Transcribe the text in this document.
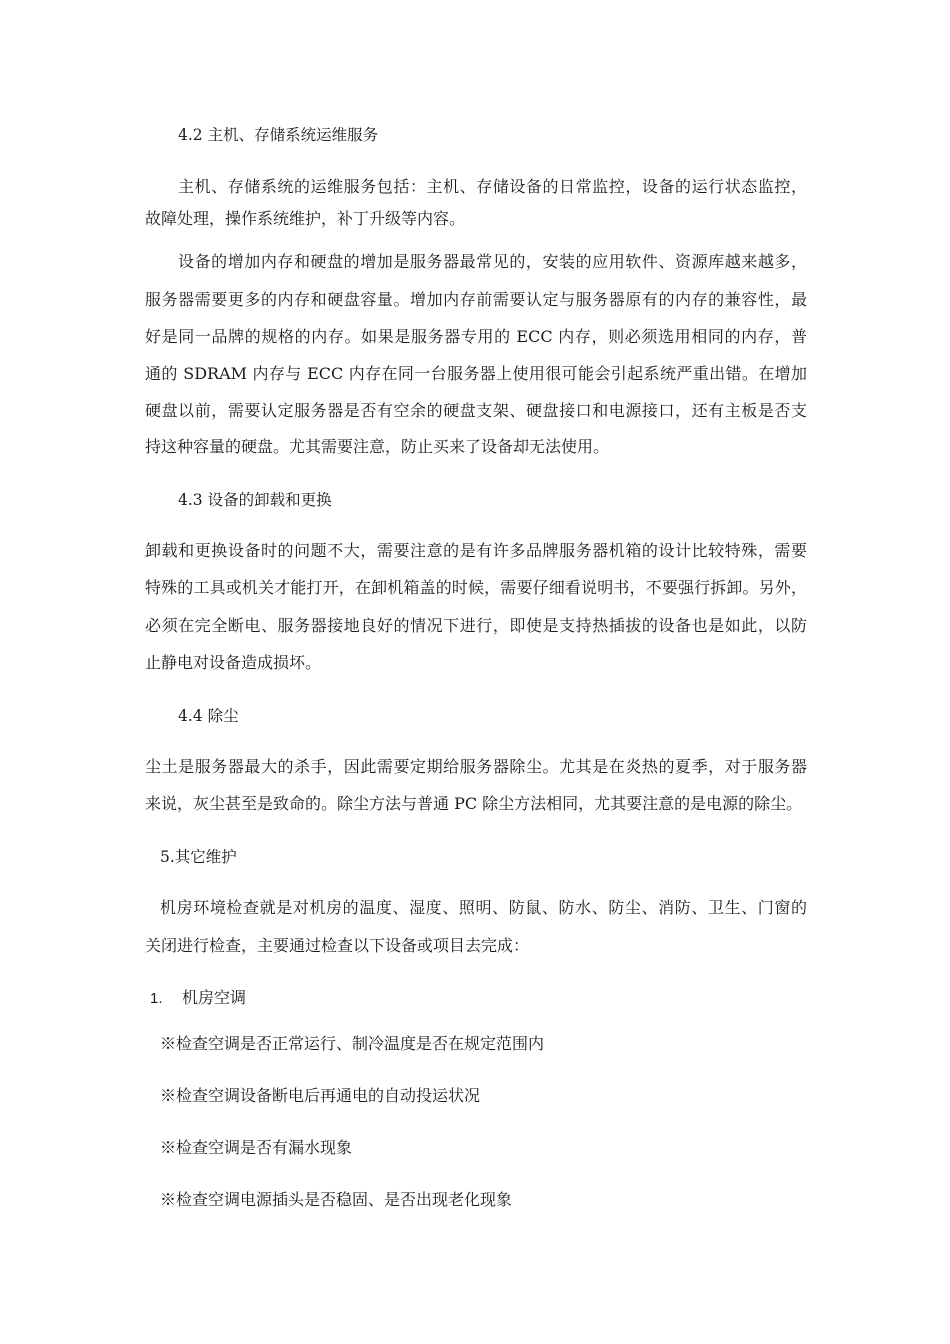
4.2 主机、存储系统运维服务
主机、存储系统的运维服务包括：主机、存储设备的日常监控，设备的运行状态监控，
故障处理，操作系统维护，补丁升级等内容。
设备的增加内存和硬盘的增加是服务器最常见的，安装的应用软件、资源库越来越多，
服务器需要更多的内存和硬盘容量。增加内存前需要认定与服务器原有的内存的兼容性，最
好是同一品牌的规格的内存。如果是服务器专用的 ECC 内存，则必须选用相同的内存，普
通的 SDRAM 内存与 ECC 内存在同一台服务器上使用很可能会引起系统严重出错。在增加
硬盘以前，需要认定服务器是否有空余的硬盘支架、硬盘接口和电源接口，还有主板是否支
持这种容量的硬盘。尤其需要注意，防止买来了设备却无法使用。
4.3 设备的卸载和更换
卸载和更换设备时的问题不大，需要注意的是有许多品牌服务器机箱的设计比较特殊，需要
特殊的工具或机关才能打开，在卸机箱盖的时候，需要仔细看说明书，不要强行拆卸。另外，
必须在完全断电、服务器接地良好的情况下进行，即使是支持热插拔的设备也是如此，以防
止静电对设备造成损坏。
4.4 除尘
尘土是服务器最大的杀手，因此需要定期给服务器除尘。尤其是在炎热的夏季，对于服务器
来说，灰尘甚至是致命的。除尘方法与普通 PC 除尘方法相同，尤其要注意的是电源的除尘。
5.其它维护
机房环境检查就是对机房的温度、湿度、照明、防鼠、防水、防尘、消防、卫生、门窗的
关闭进行检查，主要通过检查以下设备或项目去完成：
1. 机房空调
※检查空调是否正常运行、制冷温度是否在规定范围内
※检查空调设备断电后再通电的自动投运状况
※检查空调是否有漏水现象
※检查空调电源插头是否稳固、是否出现老化现象
